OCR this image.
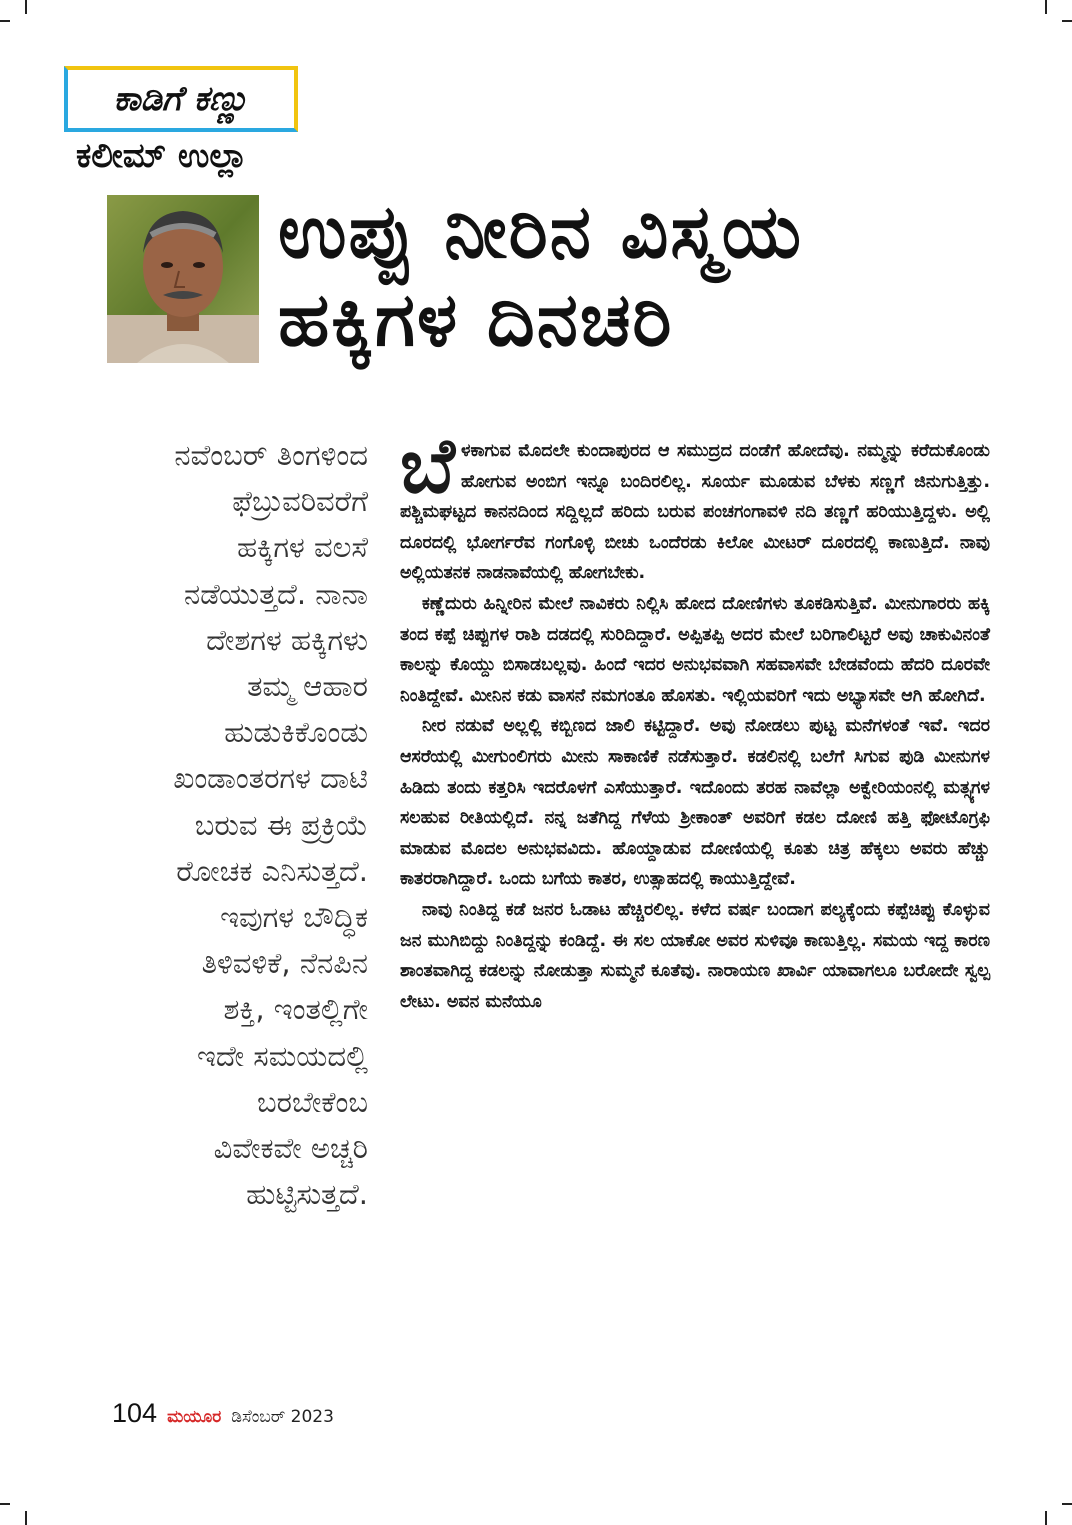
ಕಾಡಿಗೆ ಕಣ್ಣು
ಕಲೀಮ್ ಉಲ್ಲಾ
ಉಪ್ಪು ನೀರಿನ ವಿಸ್ಮಯ
ಹಕ್ಕಿಗಳ ದಿನಚರಿ
ನವೆಂಬರ್ ತಿಂಗಳಿಂದ
ಫೆಬ್ರುವರಿವರೆಗೆ
ಹಕ್ಕಿಗಳ ವಲಸೆ
ನಡೆಯುತ್ತದೆ. ನಾನಾ
ದೇಶಗಳ ಹಕ್ಕಿಗಳು
ತಮ್ಮ ಆಹಾರ
ಹುಡುಕಿಕೊಂಡು
ಖಂಡಾಂತರಗಳ ದಾಟಿ
ಬರುವ ಈ ಪ್ರಕ್ರಿಯೆ
ರೋಚಕ ಎನಿಸುತ್ತದೆ.
ಇವುಗಳ ಬೌದ್ಧಿಕ
ತಿಳಿವಳಿಕೆ, ನೆನಪಿನ
ಶಕ್ತಿ, ಇಂತಲ್ಲಿಗೇ
ಇದೇ ಸಮಯದಲ್ಲಿ
ಬರಬೇಕೆಂಬ
ವಿವೇಕವೇ ಅಚ್ಚರಿ
ಹುಟ್ಟಿಸುತ್ತದೆ.

ಬೆಳಕಾಗುವ ಮೊದಲೇ ಕುಂದಾಪುರದ ಆ ಸಮುದ್ರದ ದಂಡೆಗೆ ಹೋದೆವು. ನಮ್ಮನ್ನು ಕರೆದುಕೊಂಡು ಹೋಗುವ ಅಂಬಿಗ ಇನ್ನೂ ಬಂದಿರಲಿಲ್ಲ. ಸೂರ್ಯ ಮೂಡುವ ಬೆಳಕು ಸಣ್ಣಗೆ ಜಿನುಗುತ್ತಿತ್ತು. ಪಶ್ಚಿಮಘಟ್ಟದ ಕಾನನದಿಂದ ಸದ್ದಿಲ್ಲದೆ ಹರಿದು ಬರುವ ಪಂಚಗಂಗಾವಳಿ ನದಿ ತಣ್ಣಗೆ ಹರಿಯುತ್ತಿದ್ದಳು. ಅಲ್ಲಿ ದೂರದಲ್ಲಿ ಭೋರ್ಗರೆವ ಗಂಗೊಳ್ಳಿ ಬೀಚು ಒಂದೆರಡು ಕಿಲೋ ಮೀಟರ್ ದೂರದಲ್ಲಿ ಕಾಣುತ್ತಿದೆ. ನಾವು ಅಲ್ಲಿಯತನಕ ನಾಡನಾವೆಯಲ್ಲಿ ಹೋಗಬೇಕು.

ಕಣ್ಣೆದುರು ಹಿನ್ನೀರಿನ ಮೇಲೆ ನಾವಿಕರು ನಿಲ್ಲಿಸಿ ಹೋದ ದೋಣಿಗಳು ತೂಕಡಿಸುತ್ತಿವೆ. ಮೀನುಗಾರರು ಹಕ್ಕಿ ತಂದ ಕಪ್ಪೆ ಚಿಪ್ಪುಗಳ ರಾಶಿ ದಡದಲ್ಲಿ ಸುರಿದಿದ್ದಾರೆ. ಅಪ್ಪಿತಪ್ಪಿ ಅದರ ಮೇಲೆ ಬರಿಗಾಲಿಟ್ಟರೆ ಅವು ಚಾಕುವಿನಂತೆ ಕಾಲನ್ನು ಕೊಯ್ದು ಬಿಸಾಡಬಲ್ಲವು. ಹಿಂದೆ ಇದರ ಅನುಭವವಾಗಿ ಸಹವಾಸವೇ ಬೇಡವೆಂದು ಹೆದರಿ ದೂರವೇ ನಿಂತಿದ್ದೇವೆ. ಮೀನಿನ ಕಡು ವಾಸನೆ ನಮಗಂತೂ ಹೊಸತು. ಇಲ್ಲಿಯವರಿಗೆ ಇದು ಅಭ್ಯಾಸವೇ ಆಗಿ ಹೋಗಿದೆ.

ನೀರ ನಡುವೆ ಅಲ್ಲಲ್ಲಿ ಕಬ್ಬಿಣದ ಜಾಲಿ ಕಟ್ಟಿದ್ದಾರೆ. ಅವು ನೋಡಲು ಪುಟ್ಟ ಮನೆಗಳಂತೆ ಇವೆ. ಇದರ ಆಸರೆಯಲ್ಲಿ ಮೀಗುಂಲಿಗರು ಮೀನು ಸಾಕಾಣಿಕೆ ನಡೆಸುತ್ತಾರೆ. ಕಡಲಿನಲ್ಲಿ ಬಲೆಗೆ ಸಿಗುವ ಪುಡಿ ಮೀನುಗಳ ಹಿಡಿದು ತಂದು ಕತ್ತರಿಸಿ ಇದರೊಳಗೆ ಎಸೆಯುತ್ತಾರೆ. ಇದೊಂದು ತರಹ ನಾವೆಲ್ಲಾ ಅಕ್ವೇರಿಯಂನಲ್ಲಿ ಮತ್ಸ್ಯಗಳ ಸಲಹುವ ರೀತಿಯಲ್ಲಿದೆ. ನನ್ನ ಜತೆಗಿದ್ದ ಗೆಳೆಯ ಶ್ರೀಕಾಂತ್ ಅವರಿಗೆ ಕಡಲ ದೋಣಿ ಹತ್ತಿ ಫೋಟೊಗ್ರಫಿ ಮಾಡುವ ಮೊದಲ ಅನುಭವವಿದು. ಹೊಯ್ದಾಡುವ ದೋಣಿಯಲ್ಲಿ ಕೂತು ಚಿತ್ರ ಹೆಕ್ಕಲು ಅವರು ಹೆಚ್ಚು ಕಾತರರಾಗಿದ್ದಾರೆ. ಒಂದು ಬಗೆಯ ಕಾತರ, ಉತ್ಸಾಹದಲ್ಲಿ ಕಾಯುತ್ತಿದ್ದೇವೆ.

ನಾವು ನಿಂತಿದ್ದ ಕಡೆ ಜನರ ಓಡಾಟ ಹೆಚ್ಚಿರಲಿಲ್ಲ. ಕಳೆದ ವರ್ಷ ಬಂದಾಗ ಪಲ್ಯಕ್ಕೆಂದು ಕಪ್ಪೆಚಿಪ್ಪು ಕೊಳ್ಳುವ ಜನ ಮುಗಿಬಿದ್ದು ನಿಂತಿದ್ದನ್ನು ಕಂಡಿದ್ದೆ. ಈ ಸಲ ಯಾಕೋ ಅವರ ಸುಳಿವೂ ಕಾಣುತ್ತಿಲ್ಲ. ಸಮಯ ಇದ್ದ ಕಾರಣ ಶಾಂತವಾಗಿದ್ದ ಕಡಲನ್ನು ನೋಡುತ್ತಾ ಸುಮ್ಮನೆ ಕೂತೆವು. ನಾರಾಯಣ ಖಾರ್ವಿ ಯಾವಾಗಲೂ ಬರೋದೇ ಸ್ವಲ್ಪ ಲೇಟು. ಅವನ ಮನೆಯೂ

104 ಮಯೂರ ಡಿಸೆಂಬರ್ 2023
